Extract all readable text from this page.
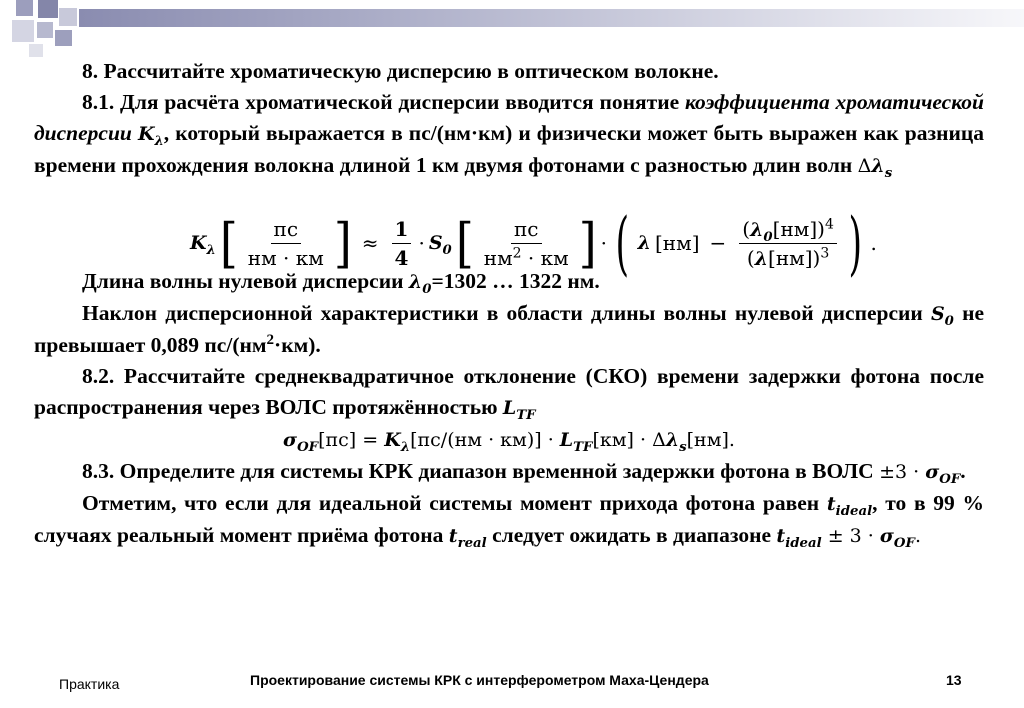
8. Рассчитайте хроматическую дисперсию в оптическом волокне.
8.1. Для расчёта хроматической дисперсии вводится понятие коэффициента хроматической дисперсии $K_\lambda$, который выражается в пс/(нм·км) и физически может быть выражен как разница времени прохождения волокна длиной 1 км двумя фотонами с разностью длин волн $\Delta\lambda_s$
Длина волны нулевой дисперсии $\lambda_0=1302$ … 1322 нм.
Наклон дисперсионной характеристики в области длины волны нулевой дисперсии $S_0$ не превышает 0,089 $пс/(нм^2\cdot км)$.
8.2. Рассчитайте среднеквадратичное отклонение (СКО) времени задержки фотона после распространения через ВОЛС протяжённостью $L_{TF}$
$\sigma_{OF}[пс] = K_\lambda[пс/(нм \cdot км)] \cdot L_{TF}[км] \cdot \Delta\lambda_s[нм]$.
8.3. Определите для системы КРК диапазон временной задержки фотона в ВОЛС $\pm 3 \cdot \sigma_{OF}$.
Отметим, что если для идеальной системы момент прихода фотона равен $t_{ideal}$, то в 99 % случаях реальный момент приёма фотона $t_{real}$ следует ожидать в диапазоне $t_{ideal} \pm 3 \cdot \sigma_{OF}$.
$K_\lambda$ [ $\frac{пс}{нм \cdot км}$ ] ≈ $\frac{1}{4} \cdot S_0$ [ $\frac{пс}{нм^2 \cdot км}$ ] · ( λ $[нм] - \frac{(\lambda_0[нм])^4}{(\lambda[нм])^3}$ ) .
Практика	Проектирование системы КРК с интерферометром Маха-Цендера	13
